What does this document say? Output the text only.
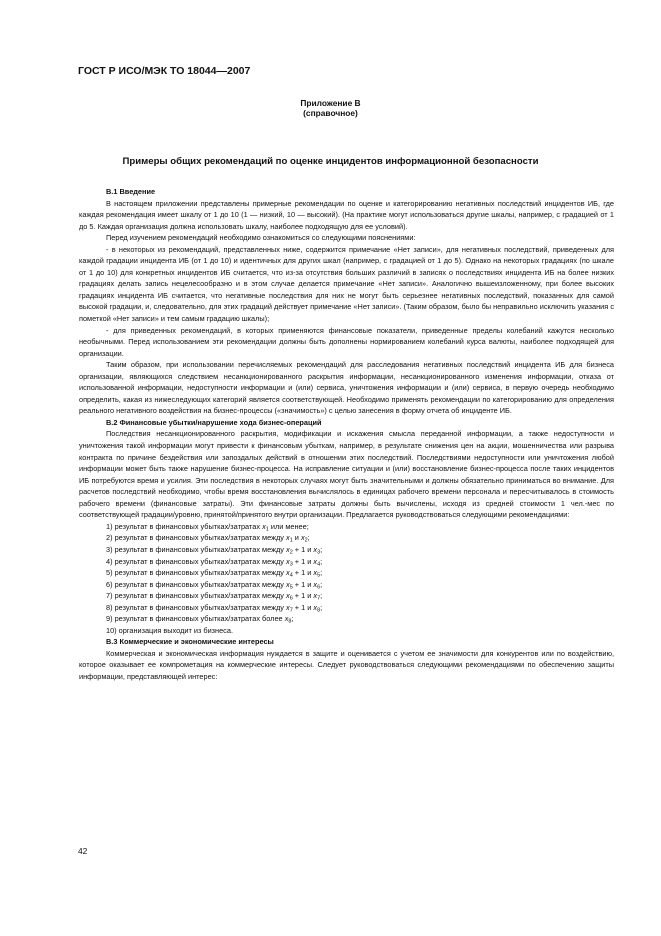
ГОСТ Р ИСО/МЭК ТО 18044—2007
Приложение В
(справочное)
Примеры общих рекомендаций по оценке инцидентов информационной безопасности
В.1 Введение

В настоящем приложении представлены примерные рекомендации по оценке и категорированию негативных последствий инцидентов ИБ, где каждая рекомендация имеет шкалу от 1 до 10 (1 — низкий, 10 — высокий). (На практике могут использоваться другие шкалы, например, с градацией от 1 до 5. Каждая организация должна использовать шкалу, наиболее подходящую для ее условий).

Перед изучением рекомендаций необходимо ознакомиться со следующими пояснениями:

- в некоторых из рекомендаций, представленных ниже, содержится примечание «Нет записи», для негативных последствий, приведенных для каждой градации инцидента ИБ (от 1 до 10) и идентичных для других шкал (например, с градацией от 1 до 5). Однако на некоторых градациях (по шкале от 1 до 10) для конкретных инцидентов ИБ считается, что из-за отсутствия больших различий в записях о последствиях инцидента ИБ на более низких градациях делать запись нецелесообразно и в этом случае делается примечание «Нет записи». Аналогично вышеизложенному, при более высоких градациях инцидента ИБ считается, что негативные последствия для них не могут быть серьезнее негативных последствий, показанных для самой высокой градации, и, следовательно, для этих градаций действует примечание «Нет записи». (Таким образом, было бы неправильно исключить указания с пометкой «Нет записи» и тем самым градацию шкалы);

- для приведенных рекомендаций, в которых применяются финансовые показатели, приведенные пределы колебаний кажутся несколько необычными. Перед использованием эти рекомендации должны быть дополнены нормированием колебаний курса валюты, наиболее подходящей для организации.

Таким образом, при использовании перечисляемых рекомендаций для расследования негативных последствий инцидента ИБ для бизнеса организации, являющихся следствием несанкционированного раскрытия информации, несанкционированного изменения информации, отказа от использованной информации, недоступности информации и (или) сервиса, уничтожения информации и (или) сервиса, в первую очередь необходимо определить, какая из нижеследующих категорий является соответствующей. Необходимо применять рекомендации по категорированию для определения реального негативного воздействия на бизнес-процессы («значимость») с целью занесения в форму отчета об инциденте ИБ.

В.2 Финансовые убытки/нарушение хода бизнес-операций

Последствия несанкционированного раскрытия, модификации и искажения смысла переданной информации, а также недоступности и уничтожения такой информации могут привести к финансовым убыткам, например, в результате снижения цен на акции, мошенничества или разрыва контракта по причине бездействия или запоздалых действий в отношении этих последствий. Последствиями недоступности или уничтожения любой информации может быть также нарушение бизнес-процесса. На исправление ситуации и (или) восстановление бизнес-процесса после таких инцидентов ИБ потребуются время и усилия. Эти последствия в некоторых случаях могут быть значительными и должны обязательно приниматься во внимание. Для расчетов последствий необходимо, чтобы время восстановления вычислялось в единицах рабочего времени персонала и пересчитывалось в стоимость рабочего времени (финансовые затраты). Эти финансовые затраты должны быть вычислены, исходя из средней стоимости 1 чел.-мес по соответствующей градации/уровню, принятой/принятого внутри организации. Предлагается руководствоваться следующими рекомендациями:

1) результат в финансовых убытках/затратах $x_1$ или менее;
2) результат в финансовых убытках/затратах между $x_1$ и $x_2$;
3) результат в финансовых убытках/затратах между $x_2 + 1$ и $x_3$;
4) результат в финансовых убытках/затратах между $x_3 + 1$ и $x_4$;
5) результат в финансовых убытках/затратах между $x_4 + 1$ и $x_5$;
6) результат в финансовых убытках/затратах между $x_5 + 1$ и $x_6$;
7) результат в финансовых убытках/затратах между $x_6 + 1$ и $x_7$;
8) результат в финансовых убытках/затратах между $x_7 + 1$ и $x_8$;
9) результат в финансовых убытках/затратах более $x_8$;
10) организация выходит из бизнеса.
В.3 Коммерческие и экономические интересы

Коммерческая и экономическая информация нуждается в защите и оценивается с учетом ее значимости для конкурентов или по воздействию, которое оказывает ее компрометация на коммерческие интересы. Следует руководствоваться следующими рекомендациями по обеспечению защиты информации, представляющей интерес:

42
